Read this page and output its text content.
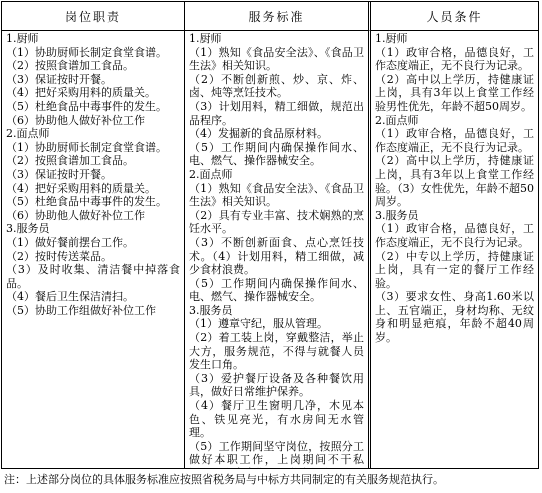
岗位职责	服务标准	人员条件
1.厨师
（1）协助厨师长制定食堂食谱。
（2）按照食谱加工食品。
（3）保证按时开餐。
（4）把好采购用料的质量关。
（5）杜绝食品中毒事件的发生。
（6）协助他人做好补位工作
2.面点师
（1）协助厨师长制定食堂食谱。
（2）按照食谱加工食品。
（3）保证按时开餐。
（4）把好采购用料的质量关。
（5）杜绝食品中毒事件的发生。
（6）协助他人做好补位工作
3.服务员
（1）做好餐前摆台工作。
（2）按时传送菜品。
（3）及时收集、清洁餐中掉落食品。
（4）餐后卫生保洁清扫。
（5）协助工作组做好补位工作
1.厨师
（1）熟知《食品安全法》、《食品卫生法》相关知识。
（2）不断创新煎、炒、京、炸、卤、炖等烹饪技术。
（3）计划用料，精工细做，规范出品程序。
（4）发掘新的食品原材料。
（5）工作期间内确保操作间水、电、燃气、操作器械安全。
2.面点师
（1）熟知《食品安全法》、《食品卫生法》相关知识。
（2）具有专业丰富、技术娴熟的烹饪水平。
（3）不断创新面食、点心烹饪技术。（4）计划用料，精工细做，减少食材浪费。
（5）工作期间内确保操作间水、电、燃气、操作器械安全。
3.服务员
（1）遵章守纪，服从管理。
（2）着工装上岗，穿戴整洁，举止大方，服务规范，不得与就餐人员发生口角。
（3）爱护餐厅设备及各种餐饮用具，做好日常维护保养。
（4）餐厅卫生窗明几净，木见本色、铁见亮光，有水房间无水管理。
（5）工作期间坚守岗位，按照分工做好本职工作，上岗期间不干私
1.厨师
（1）政审合格，品德良好，工作态度端正，无不良行为记录。
（2）高中以上学历，持健康证上岗，具有3年以上食堂工作经验男性优先，年龄不超50周岁。
2.面点师
（1）政审合格，品德良好，工作态度端正，无不良行为记录。
（2）高中以上学历，持健康证上岗，具有3年以上食堂工作经验。（3）女性优先，年龄不超50周岁。
3.服务员
（1）政审合格，品德良好，工作态度端正，无不良行为记录。
（2）中专以上学历，持健康证上岗，具有一定的餐厅工作经验。
（3）要求女性、身高1.60米以上、五官端正，身材均称、无纹身和明显疤痕，年龄不超40周岁。
注：上述部分岗位的具体服务标准应按照省税务局与中标方共同制定的有关服务规范执行。
